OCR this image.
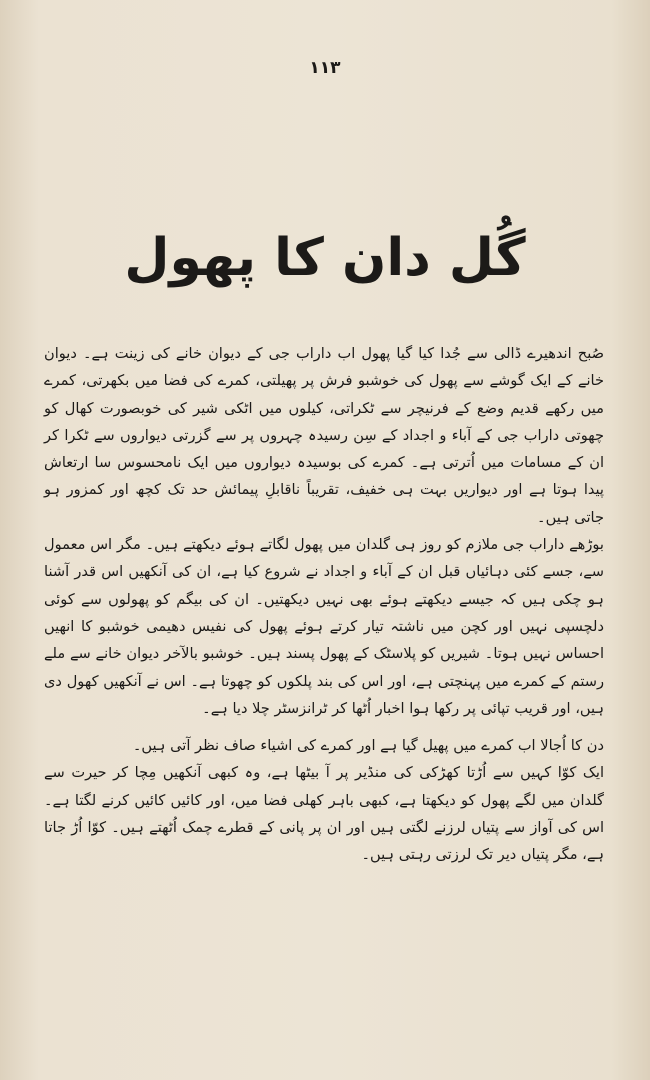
١١٣
گُل دان کا پھول

صُبح اندھیرے ڈالی سے جُدا کیا گیا پھول اب داراب جی کے دیوان خانے کی زینت ہے۔ دیوان خانے کے ایک گوشے سے پھول کی خوشبو فرش پر پھیلتی، کمرے کی فضا میں بکھرتی، کمرے میں رکھے قدیم وضع کے فرنیچر سے ٹکراتی، کیلوں میں اٹکی شیر کی خوبصورت کھال کو چھوتی داراب جی کے آباء و اجداد کے سِن رسیدہ چہروں پر سے گزرتی دیواروں سے ٹکرا کر ان کے مسامات میں اُترتی ہے۔ کمرے کی بوسیدہ دیواروں میں ایک نامحسوس سا ارتعاش پیدا ہوتا ہے اور دیواریں بہت ہی خفیف، تقریباً ناقابلِ پیمائش حد تک کچھ اور کمزور ہو جاتی ہیں۔

بوڑھے داراب جی ملازم کو روز ہی گلدان میں پھول لگاتے ہوئے دیکھتے ہیں۔ مگر اس معمول سے، جسے کئی دہائیاں قبل ان کے آباء و اجداد نے شروع کیا ہے، ان کی آنکھیں اس قدر آشنا ہو چکی ہیں کہ جیسے دیکھتے ہوئے بھی نہیں دیکھتیں۔ ان کی بیگم کو پھولوں سے کوئی دلچسپی نہیں اور کچن میں ناشتہ تیار کرتے ہوئے پھول کی نفیس دھیمی خوشبو کا انھیں احساس نہیں ہوتا۔ شیریں کو پلاسٹک کے پھول پسند ہیں۔ خوشبو بالآخر دیوان خانے سے ملے رستم کے کمرے میں پہنچتی ہے، اور اس کی بند پلکوں کو چھوتا ہے۔ اس نے آنکھیں کھول دی ہیں، اور قریب تپائی پر رکھا ہوا اخبار اُٹھا کر ٹرانزسٹر چلا دیا ہے۔

دن کا اُجالا اب کمرے میں پھیل گیا ہے اور کمرے کی اشیاء صاف نظر آتی ہیں۔

ایک کوّا کہیں سے اُڑتا کھڑکی کی منڈیر پر آ بیٹھا ہے، وہ کبھی آنکھیں مِچا کر حیرت سے گلدان میں لگے پھول کو دیکھتا ہے، کبھی باہر کھلی فضا میں، اور کائیں کائیں کرنے لگتا ہے۔ اس کی آواز سے پتیاں لرزنے لگتی ہیں اور ان پر پانی کے قطرے چمک اُٹھتے ہیں۔ کوّا اُڑ جاتا ہے، مگر پتیاں دیر تک لرزتی رہتی ہیں۔
